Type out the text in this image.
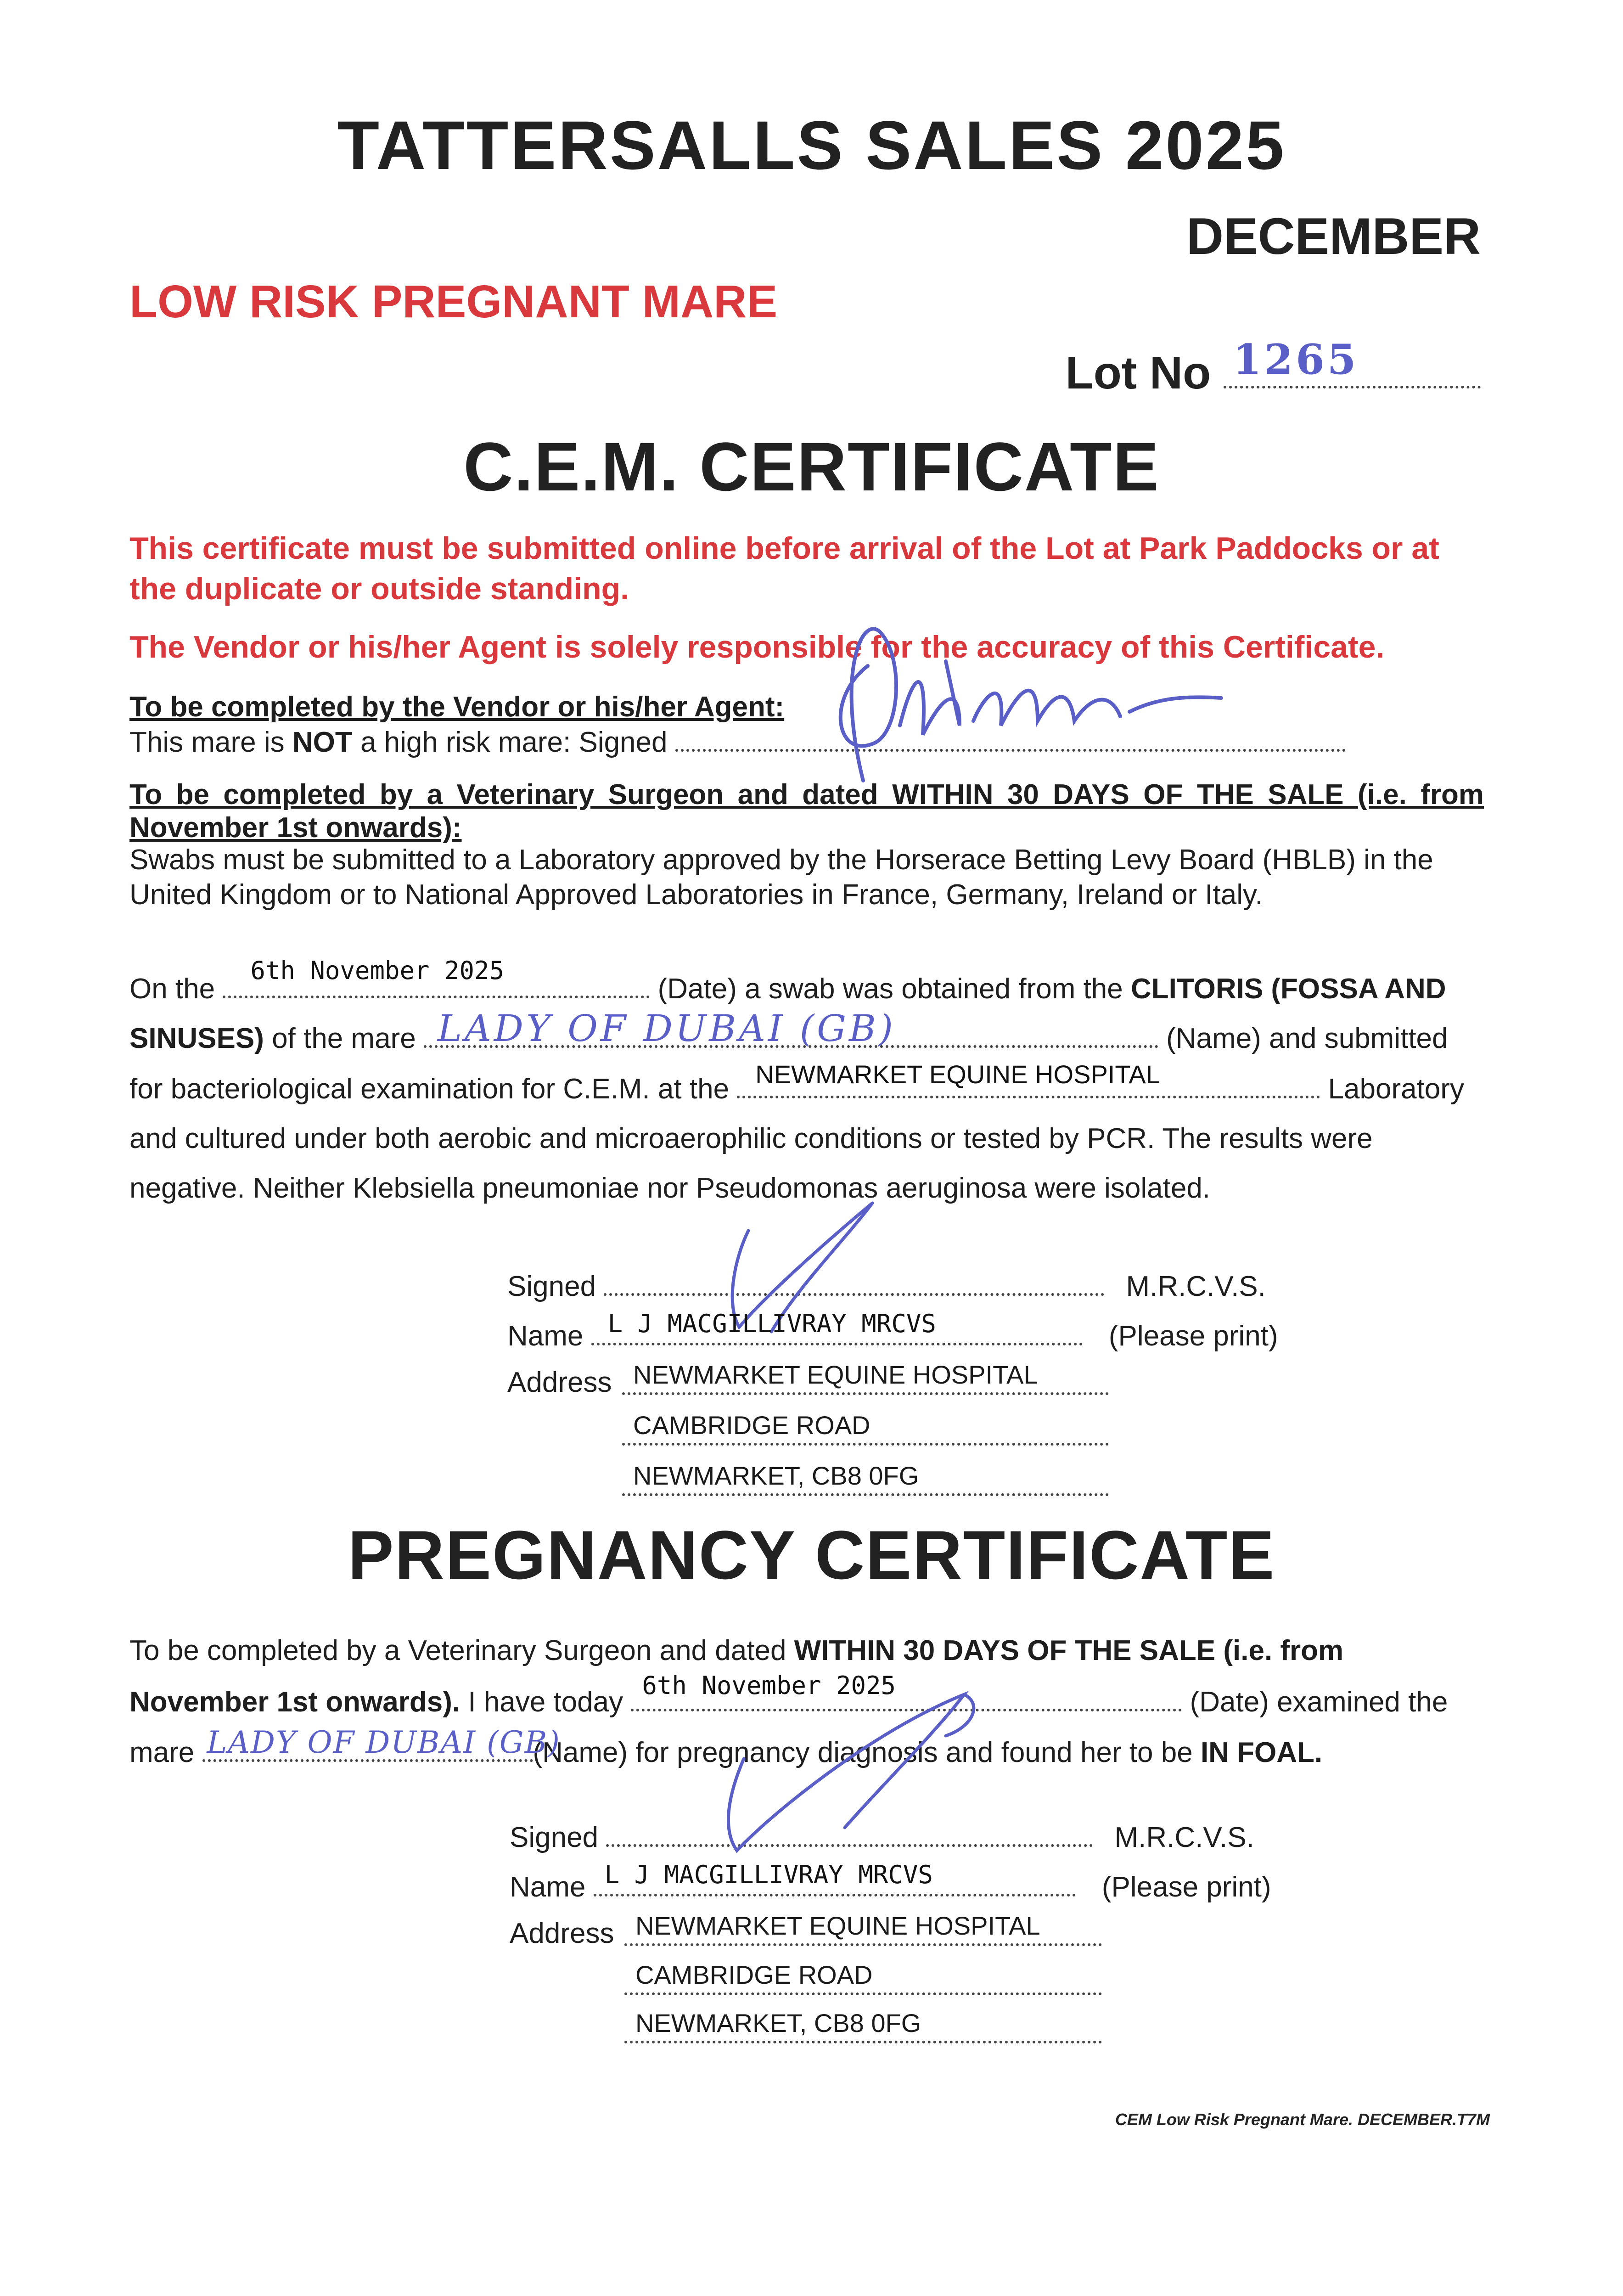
TATTERSALLS SALES 2025
DECEMBER
LOW RISK PREGNANT MARE
Lot No 1265
C.E.M. CERTIFICATE
This certificate must be submitted online before arrival of the Lot at Park Paddocks or at the duplicate or outside standing.
The Vendor or his/her Agent is solely responsible for the accuracy of this Certificate.
To be completed by the Vendor or his/her Agent:
This mare is NOT a high risk mare: Signed
To be completed by a Veterinary Surgeon and dated WITHIN 30 DAYS OF THE SALE (i.e. from November 1st onwards):
Swabs must be submitted to a Laboratory approved by the Horserace Betting Levy Board (HBLB) in the United Kingdom or to National Approved Laboratories in France, Germany, Ireland or Italy.
On the
6th November 2025
(Date) a swab was obtained from the CLITORIS (FOSSA AND
SINUSES) of the mare LADY OF DUBAI (GB)	(Name) and submitted
for bacteriological examination for C.E.M. at the NEWMARKET EQUINE HOSPITAL	Laboratory
and cultured under both aerobic and microaerophilic conditions or tested by PCR. The results were
negative. Neither Klebsiella pneumoniae nor Pseudomonas aeruginosa were isolated.
Signed	M.R.C.V.S.
Name L J MACGILLIVRAY MRCVS	(Please print)
Address NEWMARKET EQUINE HOSPITAL
CAMBRIDGE ROAD
NEWMARKET, CB8 0FG
PREGNANCY CERTIFICATE
To be completed by a Veterinary Surgeon and dated WITHIN 30 DAYS OF THE SALE (i.e. from
November 1st onwards). I have today
6th November 2025
(Date) examined the
mare LADY OF DUBAI (GB)
(Name) for pregnancy diagnosis and found her to be IN FOAL.
Signed	M.R.C.V.S.
Name L J MACGILLIVRAY MRCVS	(Please print)
Address NEWMARKET EQUINE HOSPITAL
CAMBRIDGE ROAD
NEWMARKET, CB8 0FG
CEM Low Risk Pregnant Mare. DECEMBER.T7M
